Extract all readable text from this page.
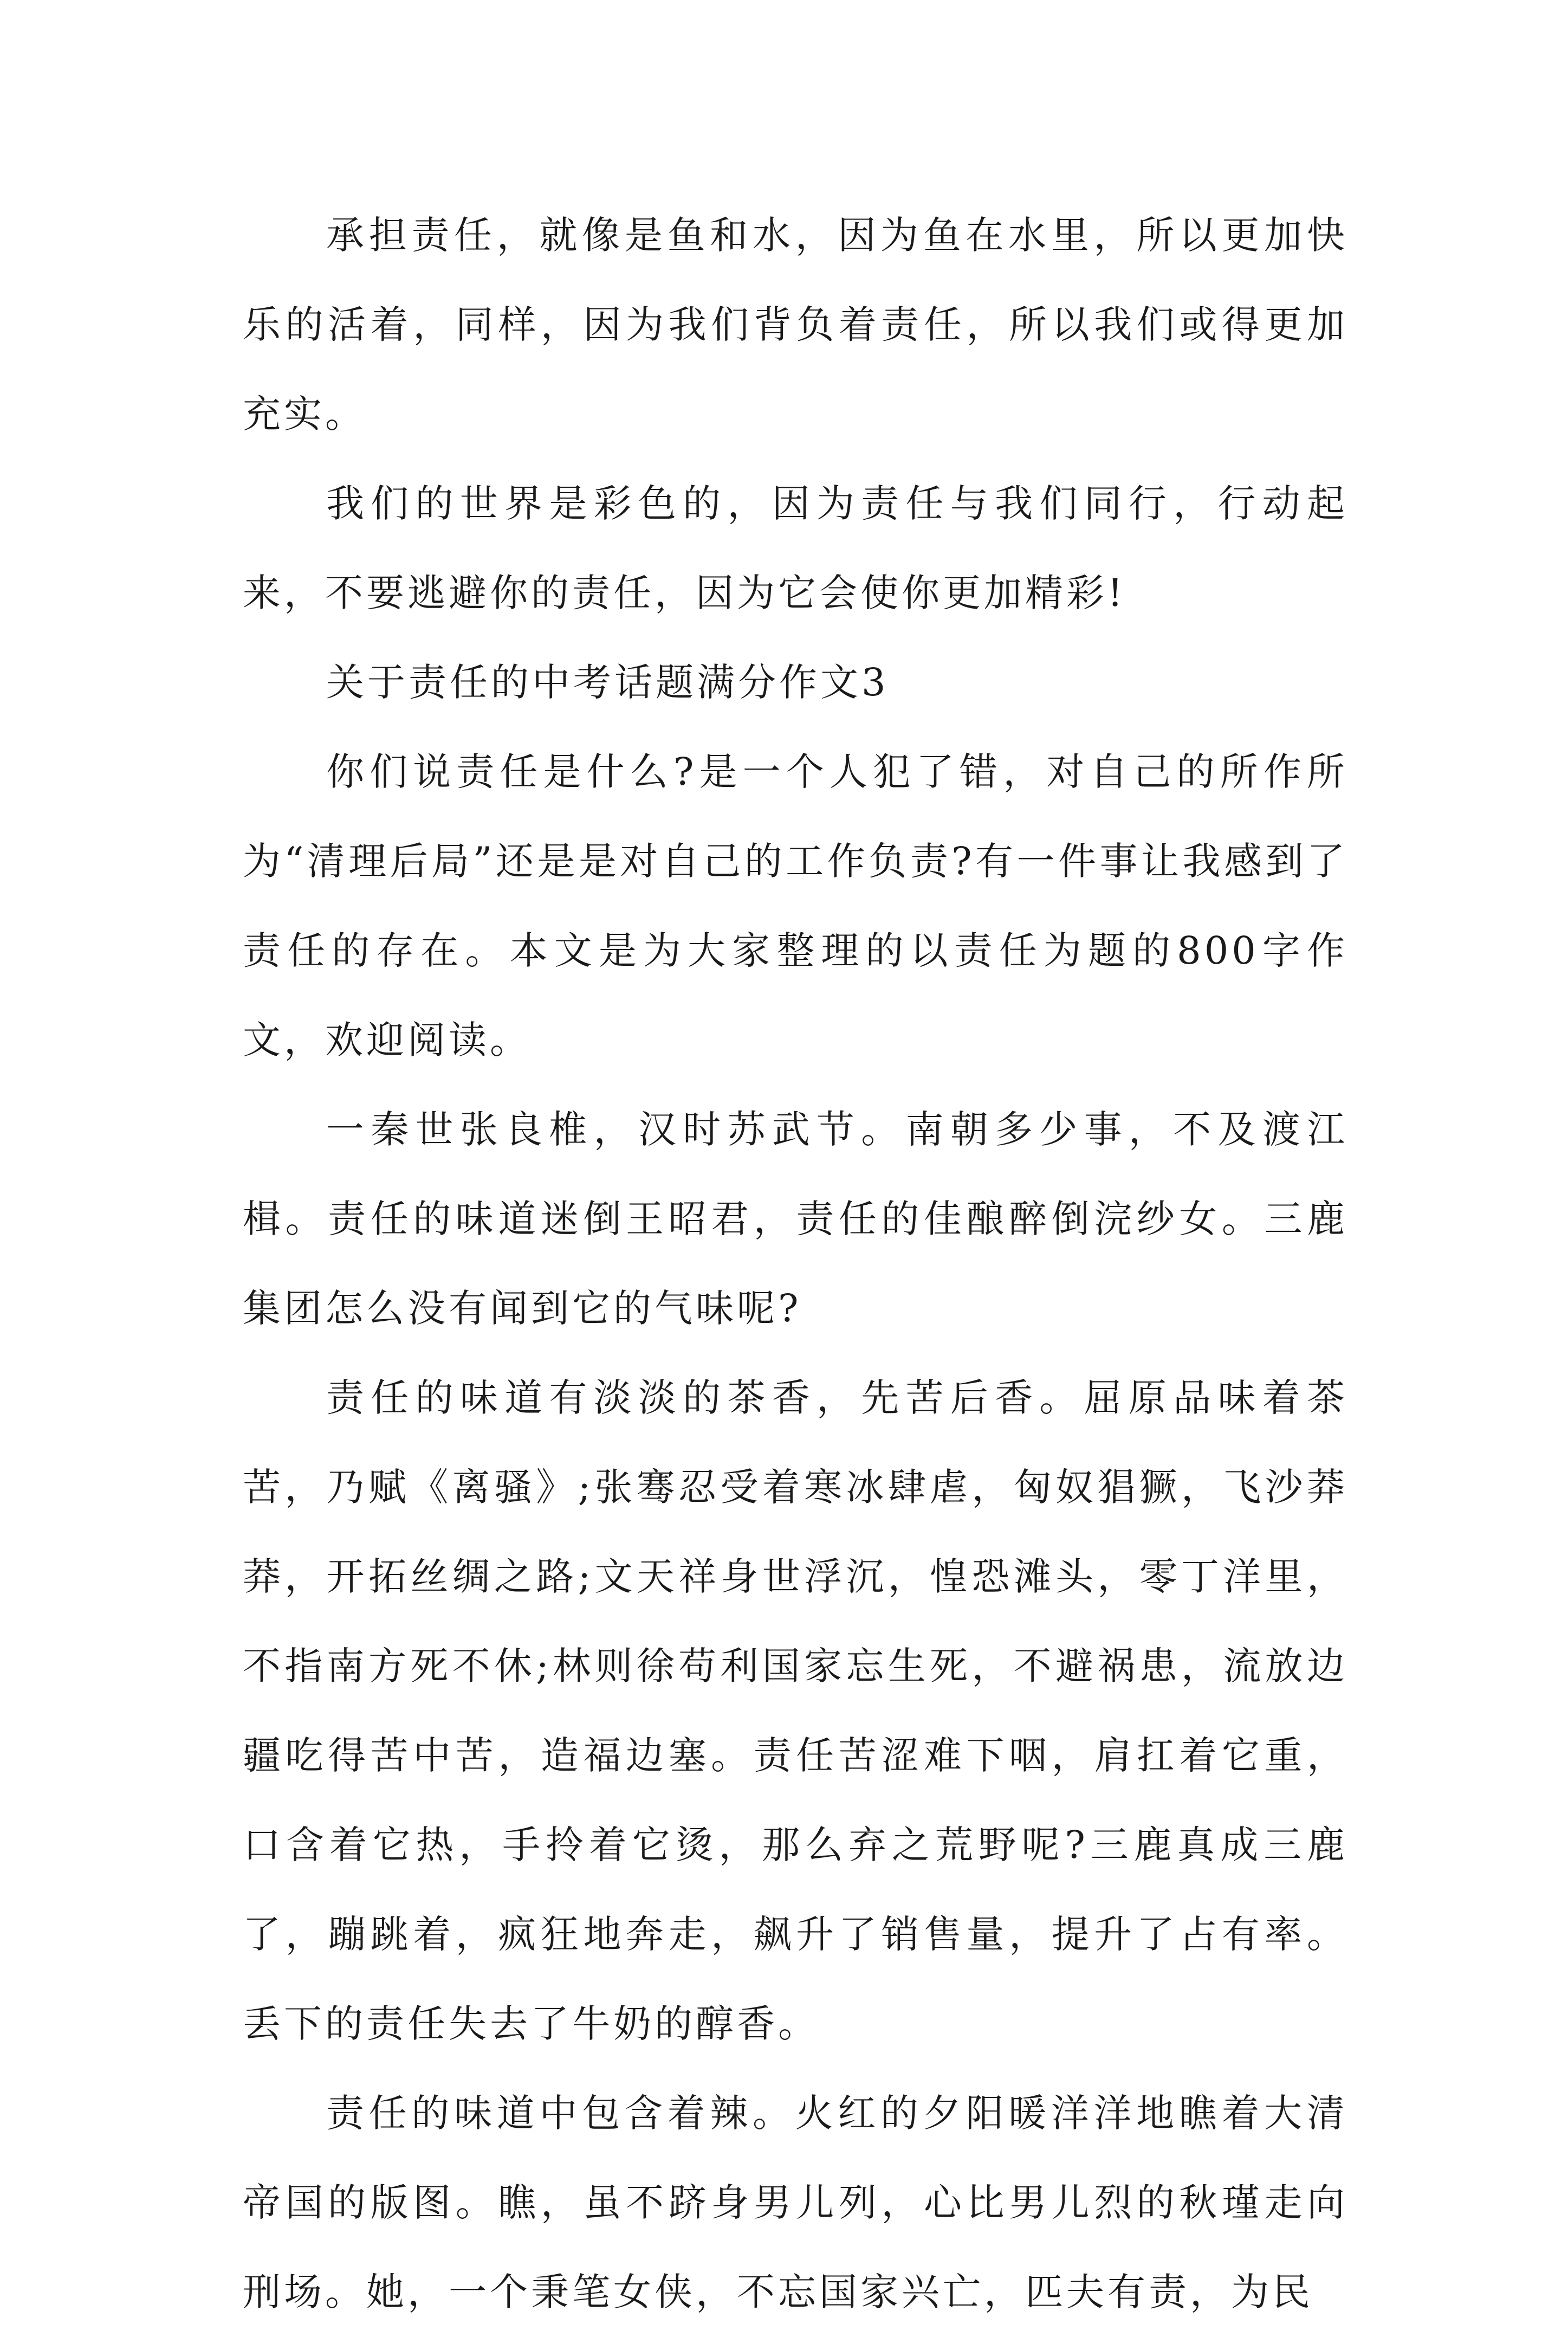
承担责任，就像是鱼和水，因为鱼在水里，所以更加快乐的活着，同样，因为我们背负着责任，所以我们或得更加充实。

我们的世界是彩色的，因为责任与我们同行，行动起来，不要逃避你的责任，因为它会使你更加精彩!

关于责任的中考话题满分作文3

你们说责任是什么?是一个人犯了错，对自己的所作所为“清理后局”还是是对自己的工作负责?有一件事让我感到了责任的存在。本文是为大家整理的以责任为题的800字作文，欢迎阅读。

一秦世张良椎，汉时苏武节。南朝多少事，不及渡江楫。责任的味道迷倒王昭君，责任的佳酿醉倒浣纱女。三鹿集团怎么没有闻到它的气味呢?

责任的味道有淡淡的茶香，先苦后香。屈原品味着茶苦，乃赋《离骚》;张骞忍受着寒冰肆虐，匈奴猖獗，飞沙莽莽，开拓丝绸之路;文天祥身世浮沉，惶恐滩头，零丁洋里，不指南方死不休;林则徐苟利国家忘生死，不避祸患，流放边疆吃得苦中苦，造福边塞。责任苦涩难下咽，肩扛着它重，口含着它热，手拎着它烫，那么弃之荒野呢?三鹿真成三鹿了，蹦跳着，疯狂地奔走，飙升了销售量，提升了占有率。丢下的责任失去了牛奶的醇香。

责任的味道中包含着辣。火红的夕阳暖洋洋地瞧着大清帝国的版图。瞧，虽不跻身男儿列，心比男儿烈的秋瑾走向刑场。她，一个秉笔女侠，不忘国家兴亡，匹夫有责，为民
